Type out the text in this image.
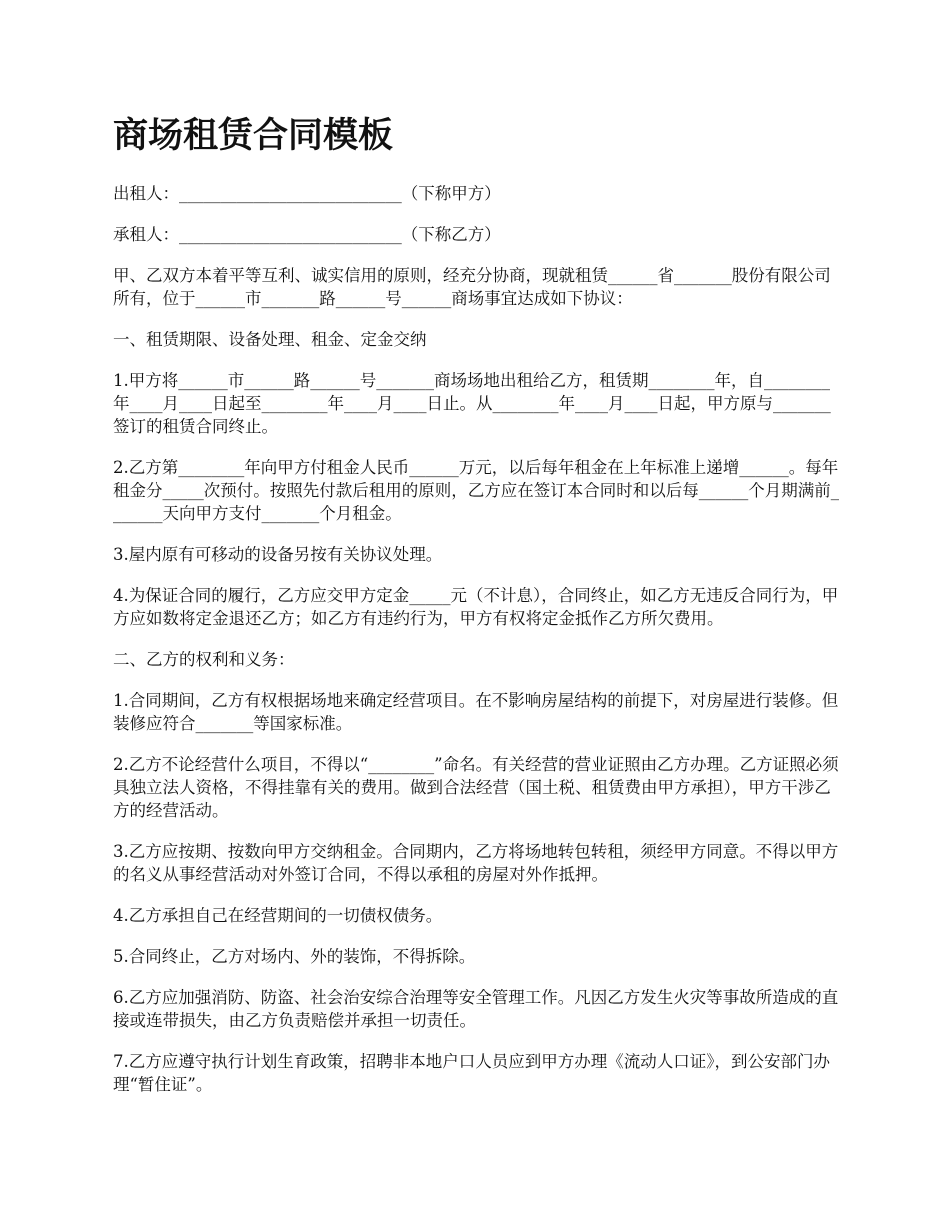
商场租赁合同模板

出租人：___________________________（下称甲方）

承租人：___________________________（下称乙方）

甲、乙双方本着平等互利、诚实信用的原则，经充分协商，现就租赁______省_______股份有限公司所有，位于______市_______路______号______商场事宜达成如下协议：

一、租赁期限、设备处理、租金、定金交纳

1.甲方将______市______路______号_______商场场地出租给乙方，租赁期________年，自________年____月____日起至________年____月____日止。从________年____月____日起，甲方原与_______签订的租赁合同终止。

2.乙方第________年向甲方付租金人民币______万元，以后每年租金在上年标准上递增______。每年租金分_____次预付。按照先付款后租用的原则，乙方应在签订本合同时和以后每______个月期满前_______天向甲方支付_______个月租金。

3.屋内原有可移动的设备另按有关协议处理。

4.为保证合同的履行，乙方应交甲方定金_____元（不计息），合同终止，如乙方无违反合同行为，甲方应如数将定金退还乙方；如乙方有违约行为，甲方有权将定金抵作乙方所欠费用。

二、乙方的权利和义务：

1.合同期间，乙方有权根据场地来确定经营项目。在不影响房屋结构的前提下，对房屋进行装修。但装修应符合_______等国家标准。

2.乙方不论经营什么项目，不得以“________”命名。有关经营的营业证照由乙方办理。乙方证照必须具独立法人资格，不得挂靠有关的费用。做到合法经营（国土税、租赁费由甲方承担），甲方干涉乙方的经营活动。

3.乙方应按期、按数向甲方交纳租金。合同期内，乙方将场地转包转租，须经甲方同意。不得以甲方的名义从事经营活动对外签订合同，不得以承租的房屋对外作抵押。

4.乙方承担自己在经营期间的一切债权债务。

5.合同终止，乙方对场内、外的装饰，不得拆除。

6.乙方应加强消防、防盗、社会治安综合治理等安全管理工作。凡因乙方发生火灾等事故所造成的直接或连带损失，由乙方负责赔偿并承担一切责任。

7.乙方应遵守执行计划生育政策，招聘非本地户口人员应到甲方办理《流动人口证》，到公安部门办理“暂住证”。
